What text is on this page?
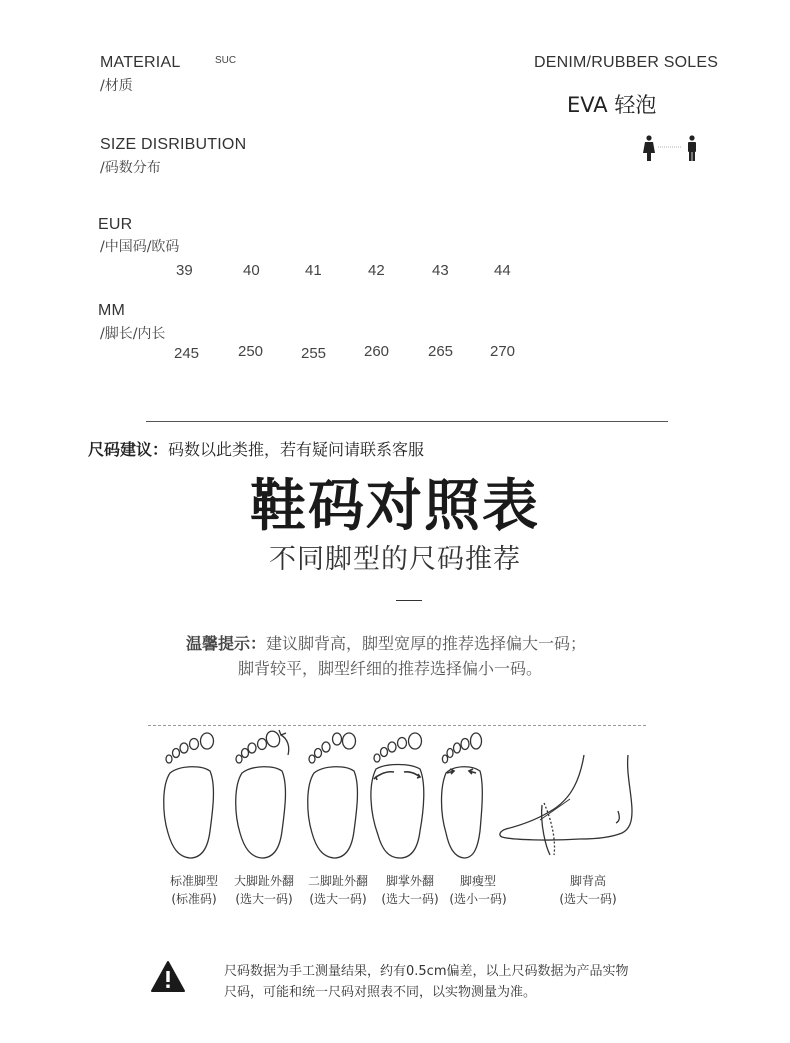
MATERIAL	SUC
/材质
DENIM/RUBBER SOLES
EVA 轻泡
SIZE DISRIBUTION
/码数分布
EUR
/中国码/欧码
39	40	41	42	43	44
MM
/脚长/内长
245	250	255	260	265 270
尺码建议：码数以此类推，若有疑问请联系客服
鞋码对照表
不同脚型的尺码推荐
温馨提示：建议脚背高，脚型宽厚的推荐选择偏大一码；
脚背较平，脚型纤细的推荐选择偏小一码。
标准脚型
(标准码)
大脚趾外翻
(选大一码)
二脚趾外翻
(选大一码)
脚掌外翻
(选大一码)
脚瘦型
(选小一码)
脚背高
(选大一码)
尺码数据为手工测量结果，约有0.5cm偏差，以上尺码数据为产品实物
尺码，可能和统一尺码对照表不同，以实物测量为准。
